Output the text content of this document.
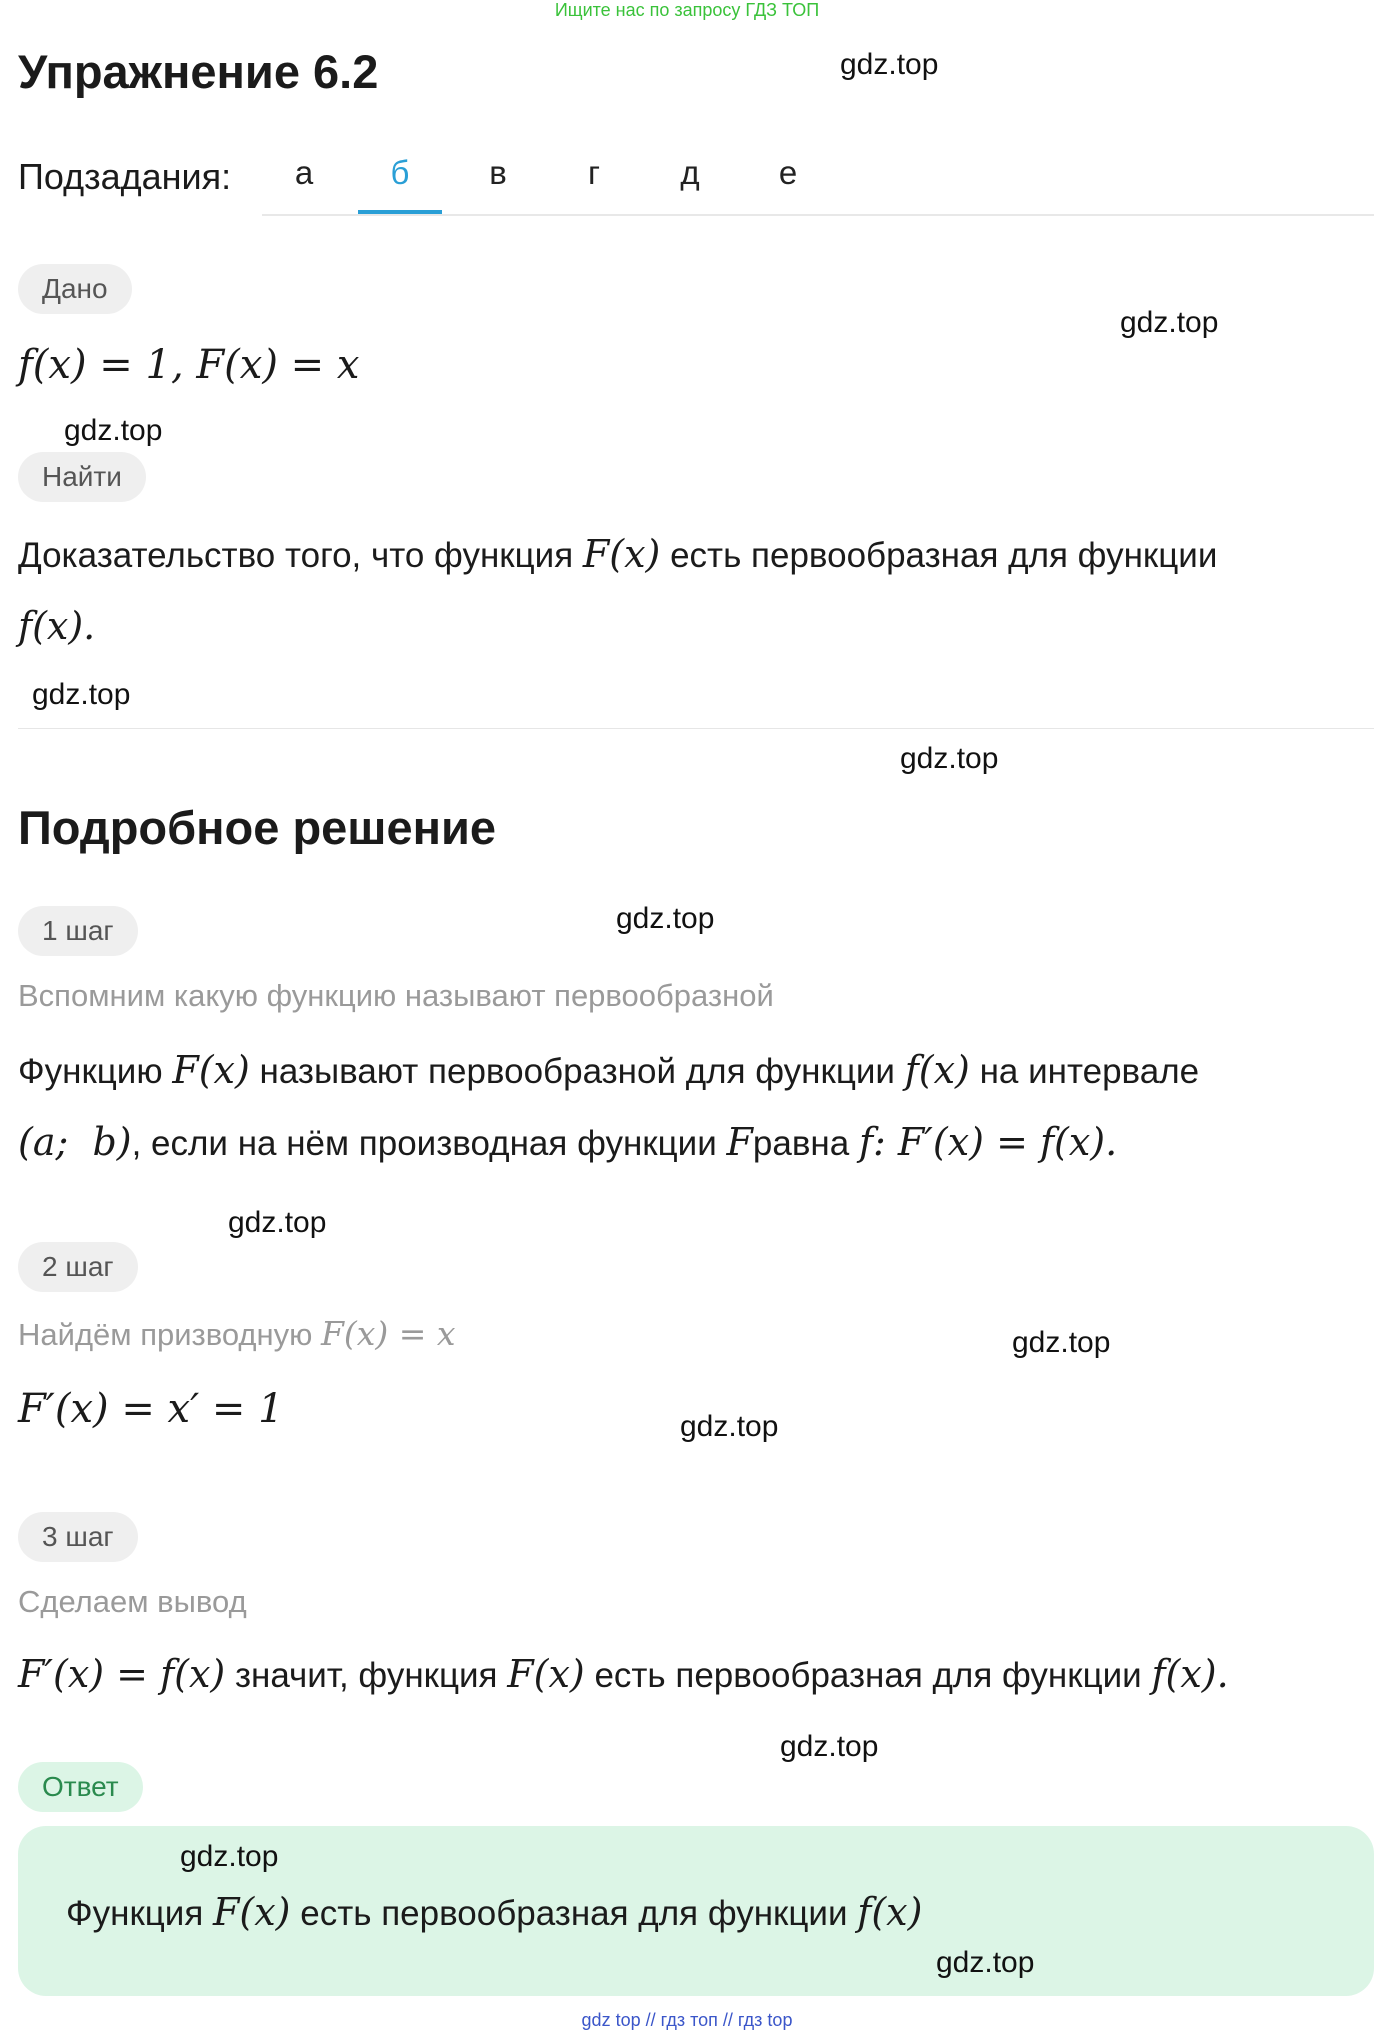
Ищите нас по запросу ГДЗ ТОП
Упражнение 6.2
Подзадания:	а	б	в	г	д	е
Дано
f(x) = 1, F(x) = x
Найти
Доказательство того, что функция F(x) есть первообразная для функции
f(x).
Подробное решение
1 шаг
Вспомним какую функцию называют первообразной
Функцию F(x) называют первообразной для функции f(x) на интервале
(a;  b), если на нём производная функции Fравна f: F′(x) = f(x).
2 шаг
Найдём призводную F(x) = x
F′(x) = x′ = 1
3 шаг
Сделаем вывод
F′(x) = f(x) значит, функция F(x) есть первообразная для функции f(x).
Ответ
Функция F(x) есть первообразная для функции f(x)
gdz.top
gdz.top
gdz.top
gdz.top
gdz.top
gdz.top
gdz.top
gdz.top
gdz.top
gdz.top
gdz.top
gdz.top
gdz top // гдз топ // гдз top
